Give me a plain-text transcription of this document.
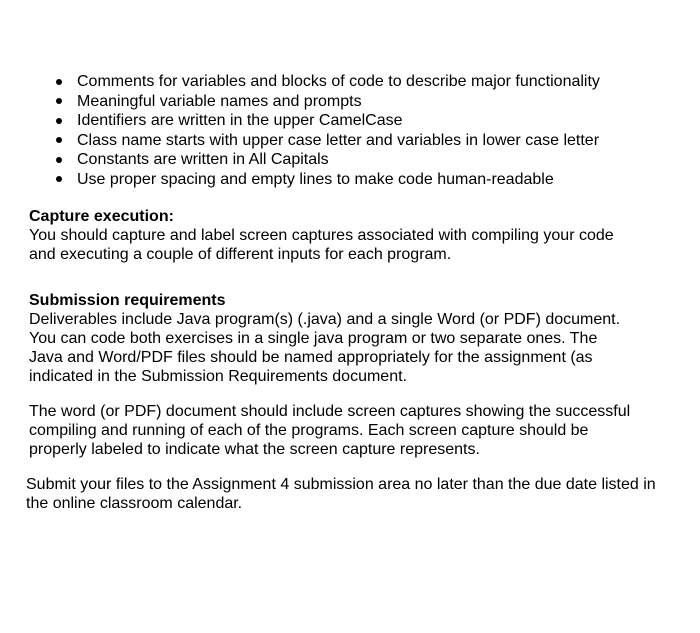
Comments for variables and blocks of code to describe major functionality
Meaningful variable names and prompts
Identifiers are written in the upper CamelCase
Class name starts with upper case letter and variables in lower case letter
Constants are written in All Capitals
Use proper spacing and empty lines to make code human-readable
Capture execution:

You should capture and label screen captures associated with compiling your code and executing a couple of different inputs for each program.

Submission requirements

Deliverables include Java program(s) (.java) and a single Word (or PDF) document. You can code both exercises in a single java program or two separate ones. The Java and Word/PDF files should be named appropriately for the assignment (as indicated in the Submission Requirements document.

The word (or PDF) document should include screen captures showing the successful compiling and running of each of the programs. Each screen capture should be properly labeled to indicate what the screen capture represents.

Submit your files to the Assignment 4 submission area no later than the due date listed in the online classroom calendar.
